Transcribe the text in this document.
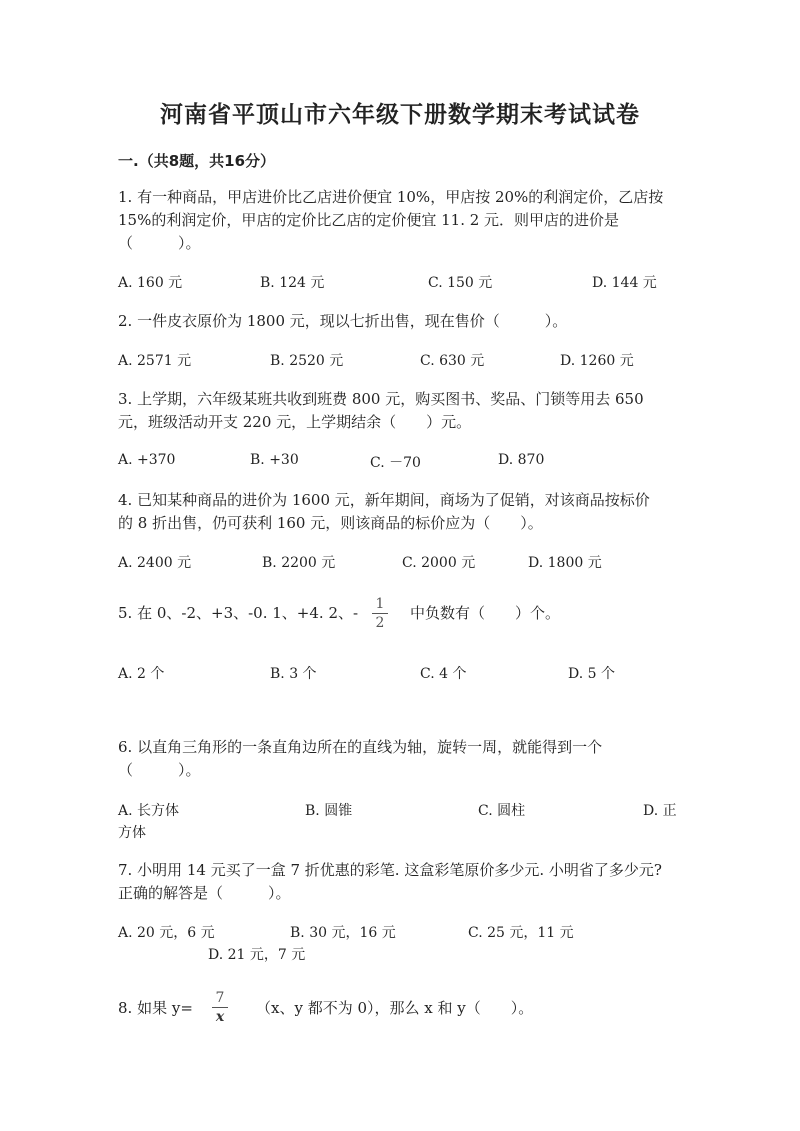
河南省平顶山市六年级下册数学期末考试试卷
一.（共8题，共16分）
1. 有一种商品，甲店进价比乙店进价便宜 10%，甲店按 20%的利润定价，乙店按
15%的利润定价，甲店的定价比乙店的定价便宜 11. 2 元．则甲店的进价是
（　　　）。
A. 160 元	B. 124 元	C. 150 元	D. 144 元
2. 一件皮衣原价为 1800 元，现以七折出售，现在售价（　　　）。
A. 2571 元	B. 2520 元	C. 630 元	D. 1260 元
3. 上学期，六年级某班共收到班费 800 元，购买图书、奖品、门锁等用去 650
元，班级活动开支 220 元，上学期结余（　　）元。
A. +370	B. +30	C. －70	D. 870
4. 已知某种商品的进价为 1600 元，新年期间，商场为了促销，对该商品按标价
的 8 折出售，仍可获利 160 元，则该商品的标价应为（　　）。
A. 2400 元	B. 2200 元	C. 2000 元	D. 1800 元
5. 在 0、-2、+3、-0. 1、+4. 2、- 1
2
中负数有（　　）个。
A. 2 个	B. 3 个	C. 4 个	D. 5 个
6. 以直角三角形的一条直角边所在的直线为轴，旋转一周，就能得到一个
（　　　）。
A. 长方体	B. 圆锥	C. 圆柱	D. 正
方体
7. 小明用 14 元买了一盒 7 折优惠的彩笔. 这盒彩笔原价多少元. 小明省了多少元?
正确的解答是（　　　）。
A. 20 元，6 元	B. 30 元，16 元	C. 25 元，11 元
D. 21 元，7 元
8. 如果 y=
7
x （x、y 都不为 0），那么 x 和 y（　　）。
